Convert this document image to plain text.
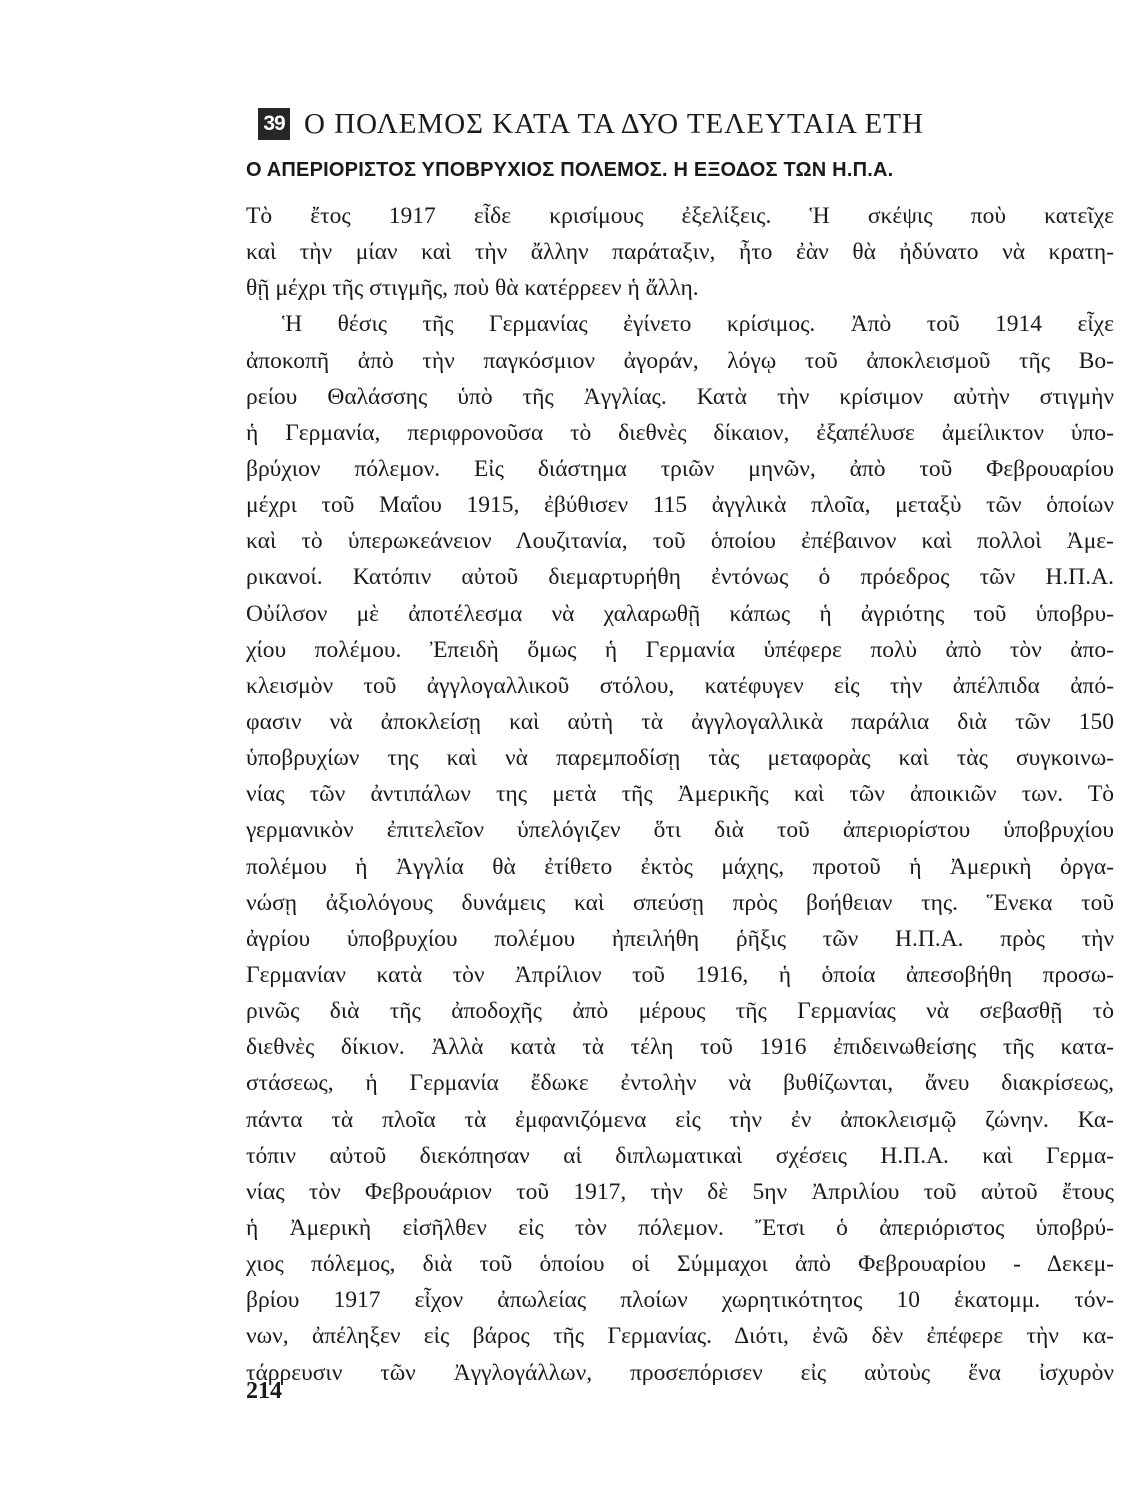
39 Ο ΠΟΛΕΜΟΣ ΚΑΤΑ ΤΑ ΔΥΟ ΤΕΛΕΥΤΑΙΑ ΕΤΗ
Ο ΑΠΕΡΙΟΡΙΣΤΟΣ ΥΠΟΒΡΥΧΙΟΣ ΠΟΛΕΜΟΣ. Η ΕΞΟΔΟΣ ΤΩΝ Η.Π.Α.
Τὸ ἔτος 1917 εἶδε κρισίμους ἐξελίξεις. Ἡ σκέψις ποὺ κατεῖχε
καὶ τὴν μίαν καὶ τὴν ἄλλην παράταξιν, ἦτο ἐὰν θὰ ἠδύνατο νὰ κρατη-
θῇ μέχρι τῆς στιγμῆς, ποὺ θὰ κατέρρεεν ἡ ἄλλη.
Ἡ θέσις τῆς Γερμανίας ἐγίνετο κρίσιμος. Ἀπὸ τοῦ 1914 εἶχε
ἀποκοπῆ ἀπὸ τὴν παγκόσμιον ἀγοράν, λόγῳ τοῦ ἀποκλεισμοῦ τῆς Βο-
ρείου Θαλάσσης ὑπὸ τῆς Ἀγγλίας. Κατὰ τὴν κρίσιμον αὐτὴν στιγμὴν
ἡ Γερμανία, περιφρονοῦσα τὸ διεθνὲς δίκαιον, ἐξαπέλυσε ἀμείλικτον ὑπο-
βρύχιον πόλεμον. Εἰς διάστημα τριῶν μηνῶν, ἀπὸ τοῦ Φεβρουαρίου
μέχρι τοῦ Μαΐου 1915, ἐβύθισεν 115 ἀγγλικὰ πλοῖα, μεταξὺ τῶν ὁποίων
καὶ τὸ ὑπερωκεάνειον Λουζιτανία, τοῦ ὁποίου ἐπέβαινον καὶ πολλοὶ Ἀμε-
ρικανοί. Κατόπιν αὐτοῦ διεμαρτυρήθη ἐντόνως ὁ πρόεδρος τῶν Η.Π.Α.
Οὐίλσον μὲ ἀποτέλεσμα νὰ χαλαρωθῇ κάπως ἡ ἀγριότης τοῦ ὑποβρυ-
χίου πολέμου. Ἐπειδὴ ὅμως ἡ Γερμανία ὑπέφερε πολὺ ἀπὸ τὸν ἀπο-
κλεισμὸν τοῦ ἀγγλογαλλικοῦ στόλου, κατέφυγεν εἰς τὴν ἀπέλπιδα ἀπό-
φασιν νὰ ἀποκλείσῃ καὶ αὐτὴ τὰ ἀγγλογαλλικὰ παράλια διὰ τῶν 150
ὑποβρυχίων της καὶ νὰ παρεμποδίσῃ τὰς μεταφορὰς καὶ τὰς συγκοινω-
νίας τῶν ἀντιπάλων της μετὰ τῆς Ἀμερικῆς καὶ τῶν ἀποικιῶν των. Τὸ
γερμανικὸν ἐπιτελεῖον ὑπελόγιζεν ὅτι διὰ τοῦ ἀπεριορίστου ὑποβρυχίου
πολέμου ἡ Ἀγγλία θὰ ἐτίθετο ἐκτὸς μάχης, προτοῦ ἡ Ἀμερικὴ ὀργα-
νώσῃ ἀξιολόγους δυνάμεις καὶ σπεύσῃ πρὸς βοήθειαν της. Ἕνεκα τοῦ
ἀγρίου ὑποβρυχίου πολέμου ἠπειλήθη ῥῆξις τῶν Η.Π.Α. πρὸς τὴν
Γερμανίαν κατὰ τὸν Ἀπρίλιον τοῦ 1916, ἡ ὁποία ἀπεσοβήθη προσω-
ρινῶς διὰ τῆς ἀποδοχῆς ἀπὸ μέρους τῆς Γερμανίας νὰ σεβασθῇ τὸ
διεθνὲς δίκιον. Ἀλλὰ κατὰ τὰ τέλη τοῦ 1916 ἐπιδεινωθείσης τῆς κατα-
στάσεως, ἡ Γερμανία ἔδωκε ἐντολὴν νὰ βυθίζωνται, ἄνευ διακρίσεως,
πάντα τὰ πλοῖα τὰ ἐμφανιζόμενα εἰς τὴν ἐν ἀποκλεισμῷ ζώνην. Κα-
τόπιν αὐτοῦ διεκόπησαν αἱ διπλωματικαὶ σχέσεις Η.Π.Α. καὶ Γερμα-
νίας τὸν Φεβρουάριον τοῦ 1917, τὴν δὲ 5ην Ἀπριλίου τοῦ αὐτοῦ ἔτους
ἡ Ἀμερικὴ εἰσῆλθεν εἰς τὸν πόλεμον. Ἔτσι ὁ ἀπεριόριστος ὑποβρύ-
χιος πόλεμος, διὰ τοῦ ὁποίου οἱ Σύμμαχοι ἀπὸ Φεβρουαρίου - Δεκεμ-
βρίου 1917 εἶχον ἀπωλείας πλοίων χωρητικότητος 10 ἑκατομμ. τόν-
νων, ἀπέληξεν εἰς βάρος τῆς Γερμανίας. Διότι, ἐνῶ δὲν ἐπέφερε τὴν κα-
τάρρευσιν τῶν Ἀγγλογάλλων, προσεπόρισεν εἰς αὐτοὺς ἕνα ἰσχυρὸν
214
